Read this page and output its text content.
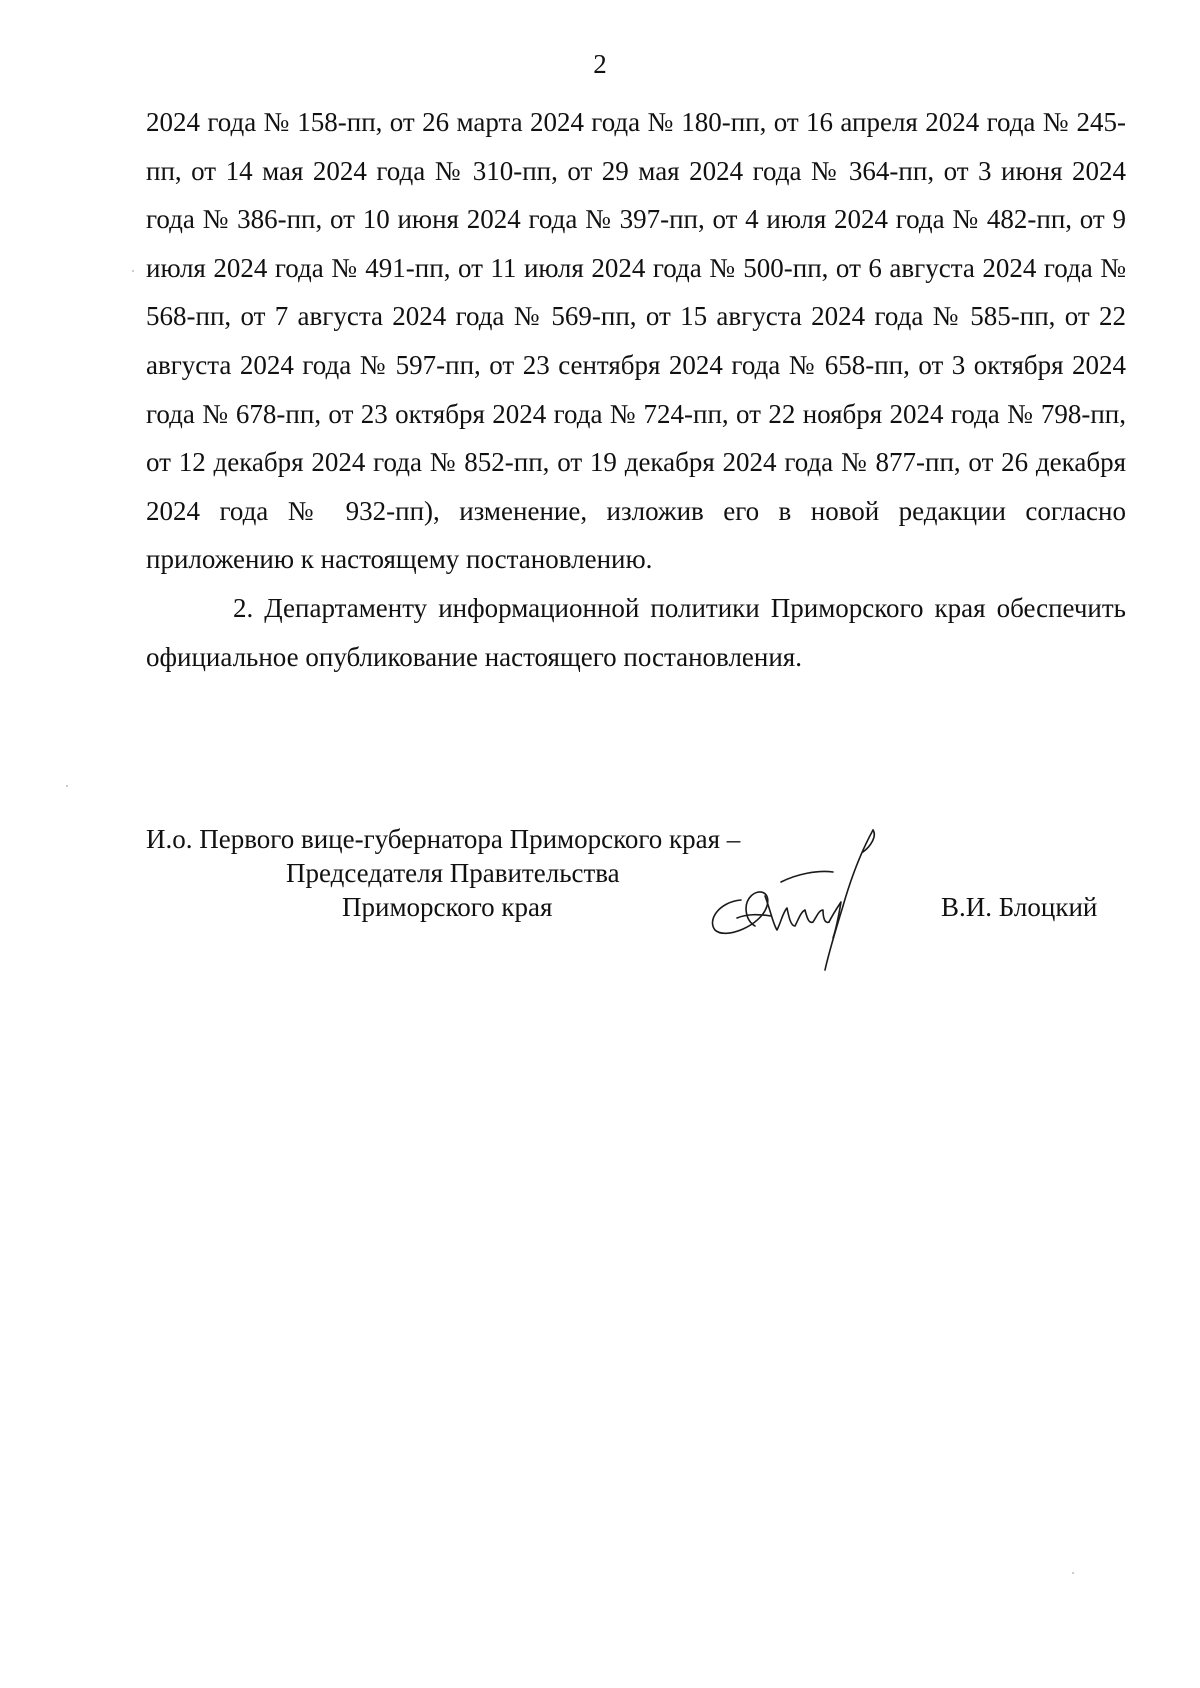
2

2024 года № 158-пп, от 26 марта 2024 года № 180-пп, от 16 апреля 2024 года № 245-пп, от 14 мая 2024 года № 310-пп, от 29 мая 2024 года № 364-пп, от 3 июня 2024 года № 386-пп, от 10 июня 2024 года № 397-пп, от 4 июля 2024 года № 482-пп, от 9 июля 2024 года № 491-пп, от 11 июля 2024 года № 500-пп, от 6 августа 2024 года № 568-пп, от 7 августа 2024 года № 569-пп, от 15 августа 2024 года № 585-пп, от 22 августа 2024 года № 597-пп, от 23 сентября 2024 года № 658-пп, от 3 октября 2024 года № 678-пп, от 23 октября 2024 года № 724-пп, от 22 ноября 2024 года № 798-пп, от 12 декабря 2024 года № 852-пп, от 19 декабря 2024 года № 877-пп, от 26 декабря 2024 года № 932-пп), изменение, изложив его в новой редакции согласно приложению к настоящему постановлению.

2. Департаменту информационной политики Приморского края обеспечить официальное опубликование настоящего постановления.

И.о. Первого вице-губернатора Приморского края –
Председателя Правительства
Приморского края	В.И. Блоцкий
